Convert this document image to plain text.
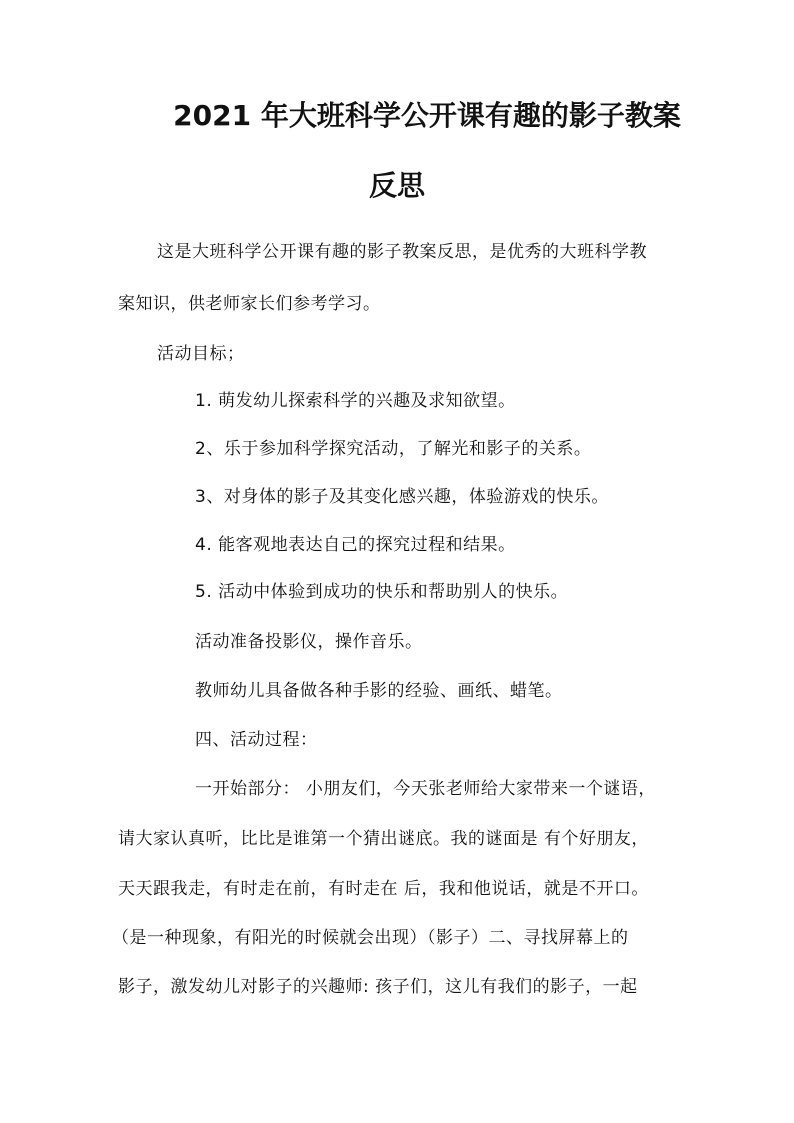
2021 年大班科学公开课有趣的影子教案
反思
这是大班科学公开课有趣的影子教案反思，是优秀的大班科学教
案知识，供老师家长们参考学习。
活动目标；
1. 萌发幼儿探索科学的兴趣及求知欲望。
2、乐于参加科学探究活动，了解光和影子的关系。
3、对身体的影子及其变化感兴趣，体验游戏的快乐。
4. 能客观地表达自己的探究过程和结果。
5. 活动中体验到成功的快乐和帮助别人的快乐。
活动准备投影仪，操作音乐。
教师幼儿具备做各种手影的经验、画纸、蜡笔。
四、活动过程：
一开始部分： 小朋友们，今天张老师给大家带来一个谜语，
请大家认真听，比比是谁第一个猜出谜底。我的谜面是 有个好朋友，
天天跟我走，有时走在前，有时走在 后，我和他说话，就是不开口。
（是一种现象，有阳光的时候就会出现）（影子）二、寻找屏幕上的
影子，激发幼儿对影子的兴趣师: 孩子们，这儿有我们的影子，一起
